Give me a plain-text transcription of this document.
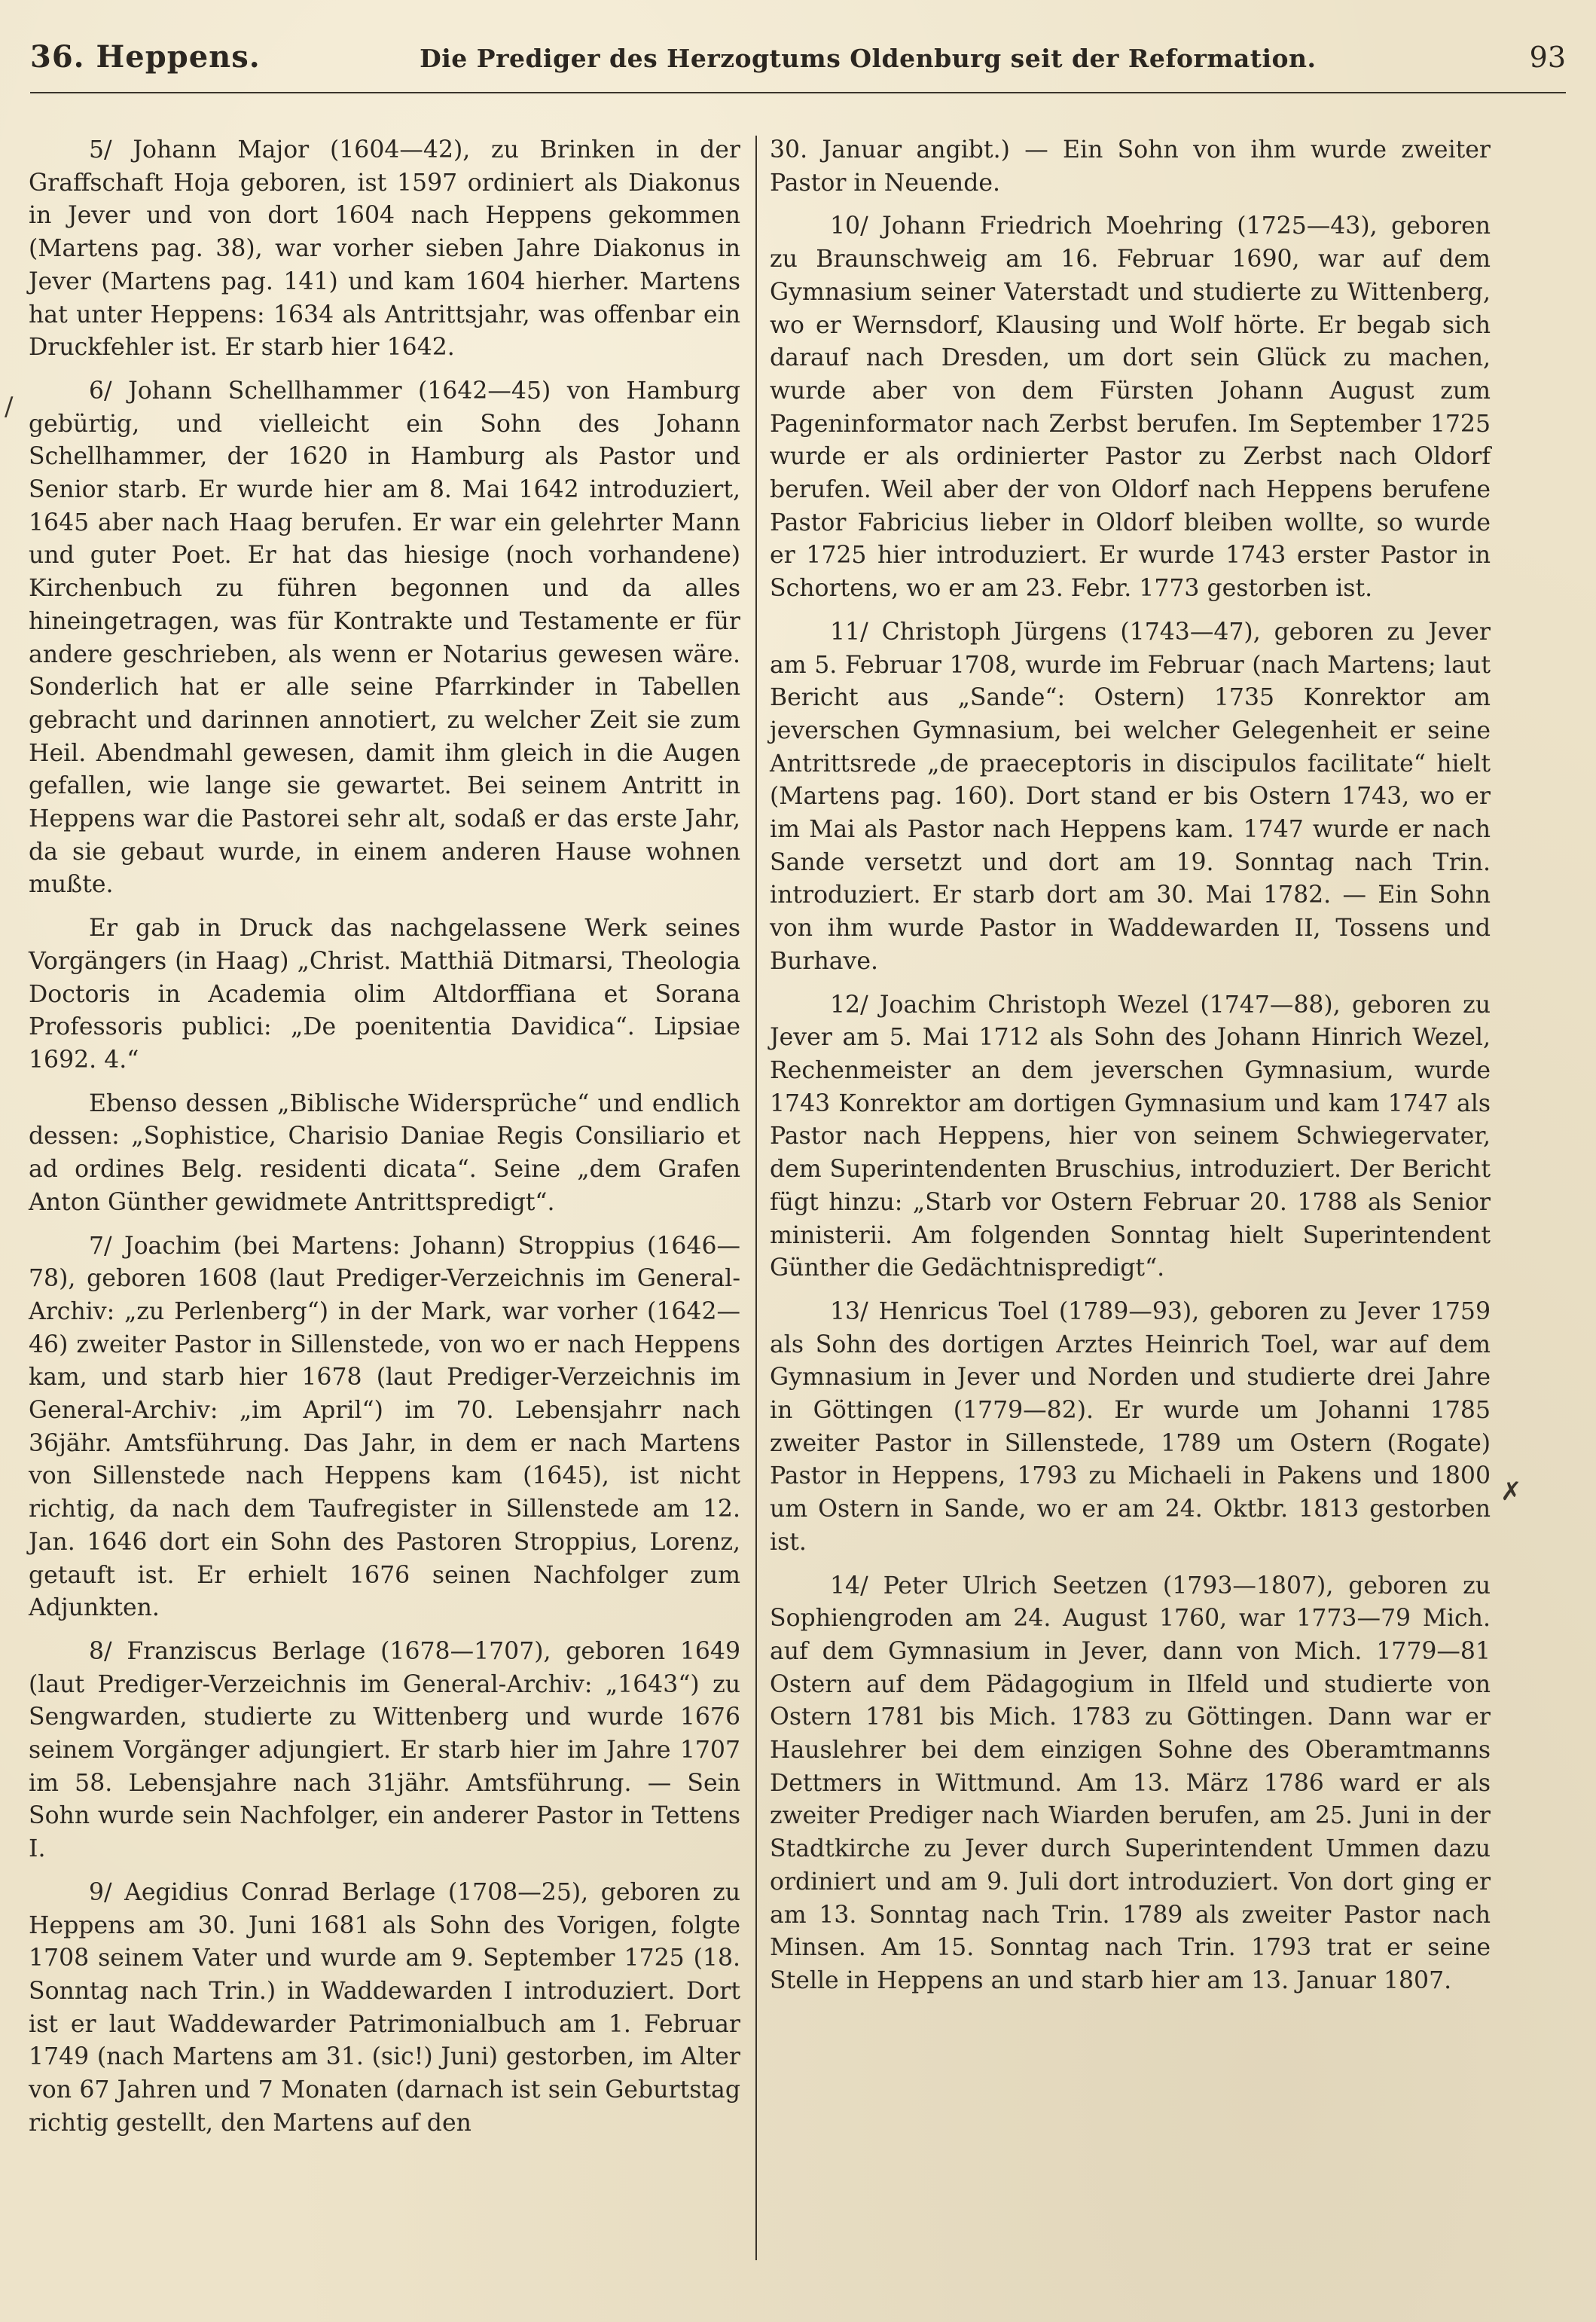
36. Heppens.	Die Prediger des Herzogtums Oldenburg seit der Reformation.	93
/
✗

5/ Johann Major (1604—42), zu Brinken in der Graffschaft Hoja geboren, ist 1597 ordiniert als Diakonus in Jever und von dort 1604 nach Heppens gekommen (Martens pag. 38), war vorher sieben Jahre Diakonus in Jever (Martens pag. 141) und kam 1604 hierher. Martens hat unter Heppens: 1634 als Antrittsjahr, was offenbar ein Druckfehler ist. Er starb hier 1642.

6/ Johann Schellhammer (1642—45) von Hamburg gebürtig, und vielleicht ein Sohn des Johann Schellhammer, der 1620 in Hamburg als Pastor und Senior starb. Er wurde hier am 8. Mai 1642 introduziert, 1645 aber nach Haag berufen. Er war ein gelehrter Mann und guter Poet. Er hat das hiesige (noch vorhandene) Kirchenbuch zu führen begonnen und da alles hineingetragen, was für Kontrakte und Testamente er für andere geschrieben, als wenn er Notarius gewesen wäre. Sonderlich hat er alle seine Pfarrkinder in Tabellen gebracht und darinnen annotiert, zu welcher Zeit sie zum Heil. Abendmahl gewesen, damit ihm gleich in die Augen gefallen, wie lange sie gewartet. Bei seinem Antritt in Heppens war die Pastorei sehr alt, sodaß er das erste Jahr, da sie gebaut wurde, in einem anderen Hause wohnen mußte.

Er gab in Druck das nachgelassene Werk seines Vorgängers (in Haag) „Christ. Matthiä Ditmarsi, Theologia Doctoris in Academia olim Altdorffiana et Sorana Professoris publici: „De poenitentia Davidica“. Lipsiae 1692. 4.“

Ebenso dessen „Biblische Widersprüche“ und endlich dessen: „Sophistice, Charisio Daniae Regis Consiliario et ad ordines Belg. residenti dicata“. Seine „dem Grafen Anton Günther gewidmete Antrittspredigt“.

7/ Joachim (bei Martens: Johann) Stroppius (1646—78), geboren 1608 (laut Prediger-Verzeichnis im General-Archiv: „zu Perlenberg“) in der Mark, war vorher (1642—46) zweiter Pastor in Sillenstede, von wo er nach Heppens kam, und starb hier 1678 (laut Prediger-Verzeichnis im General-Archiv: „im April“) im 70. Lebensjahrr nach 36jähr. Amtsführung. Das Jahr, in dem er nach Martens von Sillenstede nach Heppens kam (1645), ist nicht richtig, da nach dem Taufregister in Sillenstede am 12. Jan. 1646 dort ein Sohn des Pastoren Stroppius, Lorenz, getauft ist. Er erhielt 1676 seinen Nachfolger zum Adjunkten.

8/ Franziscus Berlage (1678—1707), geboren 1649 (laut Prediger-Verzeichnis im General-Archiv: „1643“) zu Sengwarden, studierte zu Wittenberg und wurde 1676 seinem Vorgänger adjungiert. Er starb hier im Jahre 1707 im 58. Lebensjahre nach 31jähr. Amtsführung. — Sein Sohn wurde sein Nachfolger, ein anderer Pastor in Tettens I.

9/ Aegidius Conrad Berlage (1708—25), geboren zu Heppens am 30. Juni 1681 als Sohn des Vorigen, folgte 1708 seinem Vater und wurde am 9. September 1725 (18. Sonntag nach Trin.) in Waddewarden I introduziert. Dort ist er laut Waddewarder Patrimonialbuch am 1. Februar 1749 (nach Martens am 31. (sic!) Juni) gestorben, im Alter von 67 Jahren und 7 Monaten (darnach ist sein Geburtstag richtig gestellt, den Martens auf den

30. Januar angibt.) — Ein Sohn von ihm wurde zweiter Pastor in Neuende.

10/ Johann Friedrich Moehring (1725—43), geboren zu Braunschweig am 16. Februar 1690, war auf dem Gymnasium seiner Vaterstadt und studierte zu Wittenberg, wo er Wernsdorf, Klausing und Wolf hörte. Er begab sich darauf nach Dresden, um dort sein Glück zu machen, wurde aber von dem Fürsten Johann August zum Pageninformator nach Zerbst berufen. Im September 1725 wurde er als ordinierter Pastor zu Zerbst nach Oldorf berufen. Weil aber der von Oldorf nach Heppens berufene Pastor Fabricius lieber in Oldorf bleiben wollte, so wurde er 1725 hier introduziert. Er wurde 1743 erster Pastor in Schortens, wo er am 23. Febr. 1773 gestorben ist.

11/ Christoph Jürgens (1743—47), geboren zu Jever am 5. Februar 1708, wurde im Februar (nach Martens; laut Bericht aus „Sande“: Ostern) 1735 Konrektor am jeverschen Gymnasium, bei welcher Gelegenheit er seine Antrittsrede „de praeceptoris in discipulos facilitate“ hielt (Martens pag. 160). Dort stand er bis Ostern 1743, wo er im Mai als Pastor nach Heppens kam. 1747 wurde er nach Sande versetzt und dort am 19. Sonntag nach Trin. introduziert. Er starb dort am 30. Mai 1782. — Ein Sohn von ihm wurde Pastor in Waddewarden II, Tossens und Burhave.

12/ Joachim Christoph Wezel (1747—88), geboren zu Jever am 5. Mai 1712 als Sohn des Johann Hinrich Wezel, Rechenmeister an dem jeverschen Gymnasium, wurde 1743 Konrektor am dortigen Gymnasium und kam 1747 als Pastor nach Heppens, hier von seinem Schwiegervater, dem Superintendenten Bruschius, introduziert. Der Bericht fügt hinzu: „Starb vor Ostern Februar 20. 1788 als Senior ministerii. Am folgenden Sonntag hielt Superintendent Günther die Gedächtnispredigt“.

13/ Henricus Toel (1789—93), geboren zu Jever 1759 als Sohn des dortigen Arztes Heinrich Toel, war auf dem Gymnasium in Jever und Norden und studierte drei Jahre in Göttingen (1779—82). Er wurde um Johanni 1785 zweiter Pastor in Sillenstede, 1789 um Ostern (Rogate) Pastor in Heppens, 1793 zu Michaeli in Pakens und 1800 um Ostern in Sande, wo er am 24. Oktbr. 1813 gestorben ist.

14/ Peter Ulrich Seetzen (1793—1807), geboren zu Sophiengroden am 24. August 1760, war 1773—79 Mich. auf dem Gymnasium in Jever, dann von Mich. 1779—81 Ostern auf dem Pädagogium in Ilfeld und studierte von Ostern 1781 bis Mich. 1783 zu Göttingen. Dann war er Hauslehrer bei dem einzigen Sohne des Oberamtmanns Dettmers in Wittmund. Am 13. März 1786 ward er als zweiter Prediger nach Wiarden berufen, am 25. Juni in der Stadtkirche zu Jever durch Superintendent Ummen dazu ordiniert und am 9. Juli dort introduziert. Von dort ging er am 13. Sonntag nach Trin. 1789 als zweiter Pastor nach Minsen. Am 15. Sonntag nach Trin. 1793 trat er seine Stelle in Heppens an und starb hier am 13. Januar 1807.
